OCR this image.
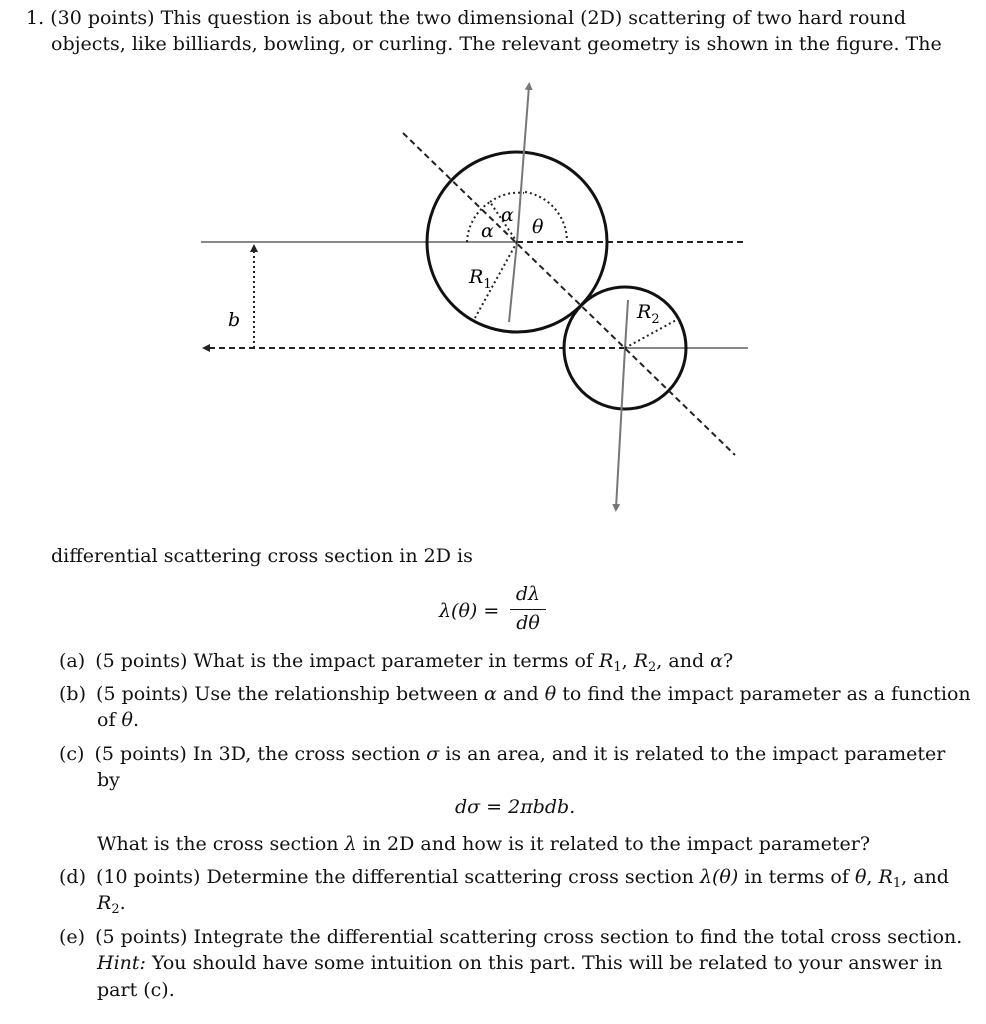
1. (30 points) This question is about the two dimensional (2D) scattering of two hard round
objects, like billiards, bowling, or curling. The relevant geometry is shown in the figure. The
α
α θ
$R_1$
$R_2$
b
differential scattering cross section in 2D is
λ(θ) =
dλ
dθ
(a) (5 points) What is the impact parameter in terms of $R_1$, $R_2$, and α?
(b) (5 points) Use the relationship between α and θ to find the impact parameter as a function
of θ.
(c) (5 points) In 3D, the cross section σ is an area, and it is related to the impact parameter
by
dσ = 2πbdb.
What is the cross section λ in 2D and how is it related to the impact parameter?
(d) (10 points) Determine the differential scattering cross section λ(θ) in terms of θ, $R_1$, and
$R_2$.
(e) (5 points) Integrate the differential scattering cross section to find the total cross section.
Hint: You should have some intuition on this part. This will be related to your answer in
part (c).
